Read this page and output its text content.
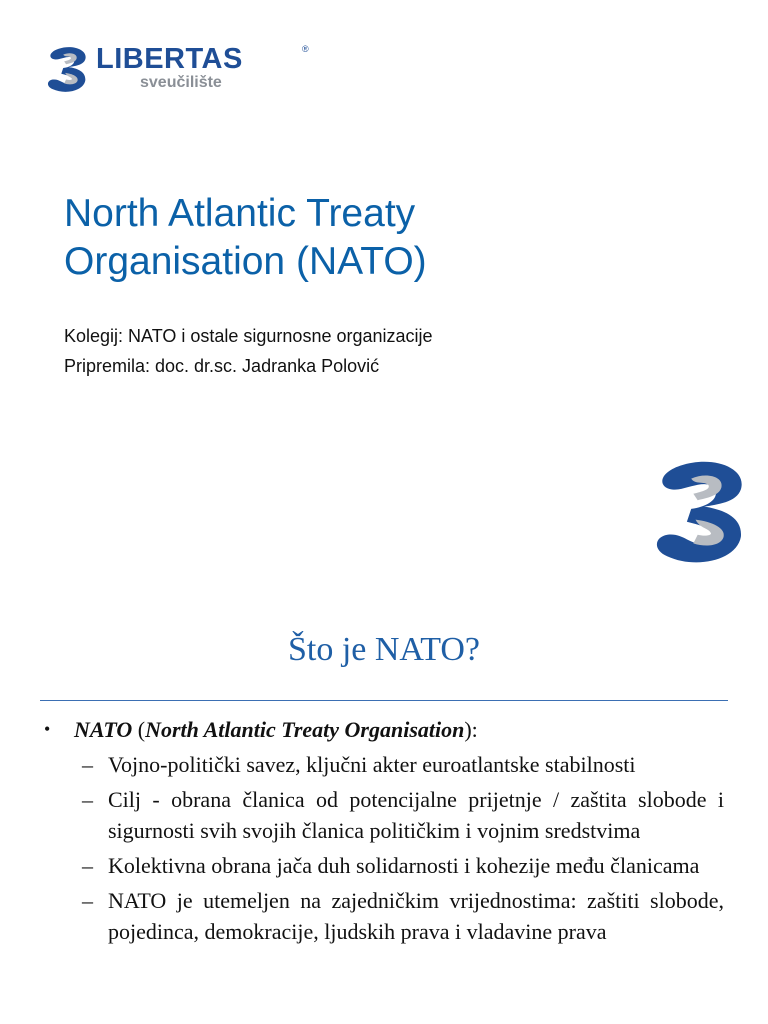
LIBERTAS	®
sveučilište
North Atlantic Treaty
Organisation (NATO)
Kolegij: NATO i ostale sigurnosne organizacije
Pripremila: doc. dr.sc. Jadranka Polović
Što je NATO?
• NATO (North Atlantic Treaty Organisation):
– Vojno-politički savez, ključni akter euroatlantske stabilnosti
– Cilj - obrana članica od potencijalne prijetnje / zaštita slobode i sigurnosti svih svojih članica političkim i vojnim sredstvima
– Kolektivna obrana jača duh solidarnosti i kohezije među članicama
– NATO je utemeljen na zajedničkim vrijednostima: zaštiti slobode, pojedinca, demokracije, ljudskih prava i vladavine prava
